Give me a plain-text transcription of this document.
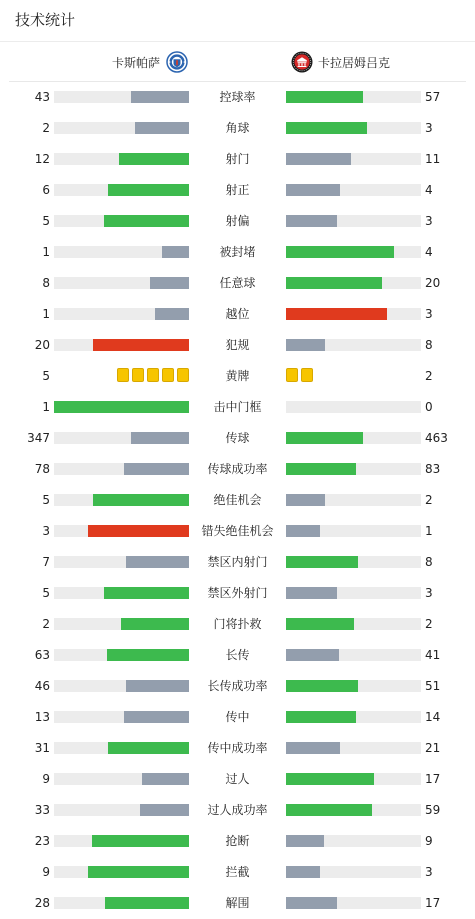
技术统计
卡斯帕萨	卡拉居姆吕克
43	控球率	57
2	角球	3
12	射门	11
6	射正	4
5	射偏	3
1	被封堵	4
8	任意球	20
1	越位	3
20	犯规	8
5	黄牌	2
1	击中门框	0
347	传球	463
78	传球成功率	83
5	绝佳机会	2
3	错失绝佳机会	1
7	禁区内射门	8
5	禁区外射门	3
2	门将扑救	2
63	长传	41
46	长传成功率	51
13	传中	14
31	传中成功率	21
9	过人	17
33	过人成功率	59
23	抢断	9
9	拦截	3
28	解围	17
